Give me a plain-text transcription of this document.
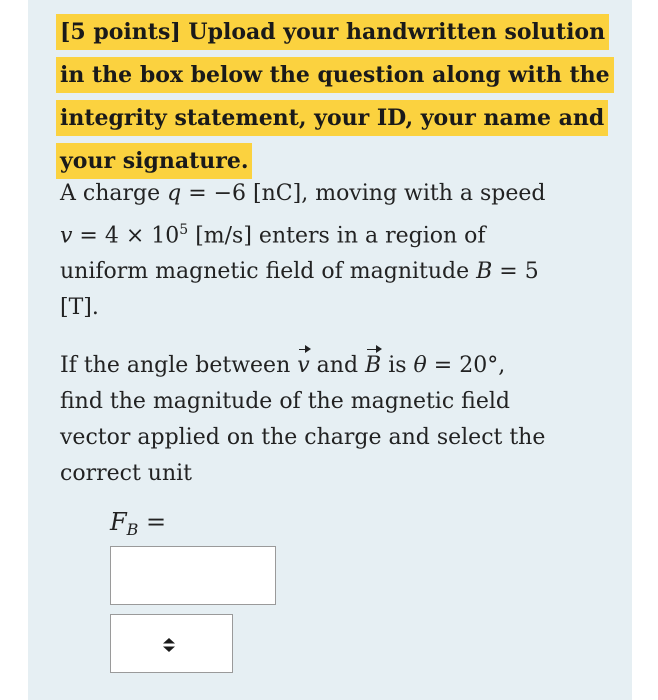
[5 points] Upload your handwritten solution
in the box below the question along with the
integrity statement, your ID, your name and
your signature.
A charge q = −6 [nC], moving with a speed
$v = 4 \times 10^5$ [m/s] enters in a region of
uniform magnetic field of magnitude B = 5
[T].
If the angle between v and B is θ = 20°,
find the magnitude of the magnetic field
vector applied on the charge and select the
correct unit
$F_B$ =
